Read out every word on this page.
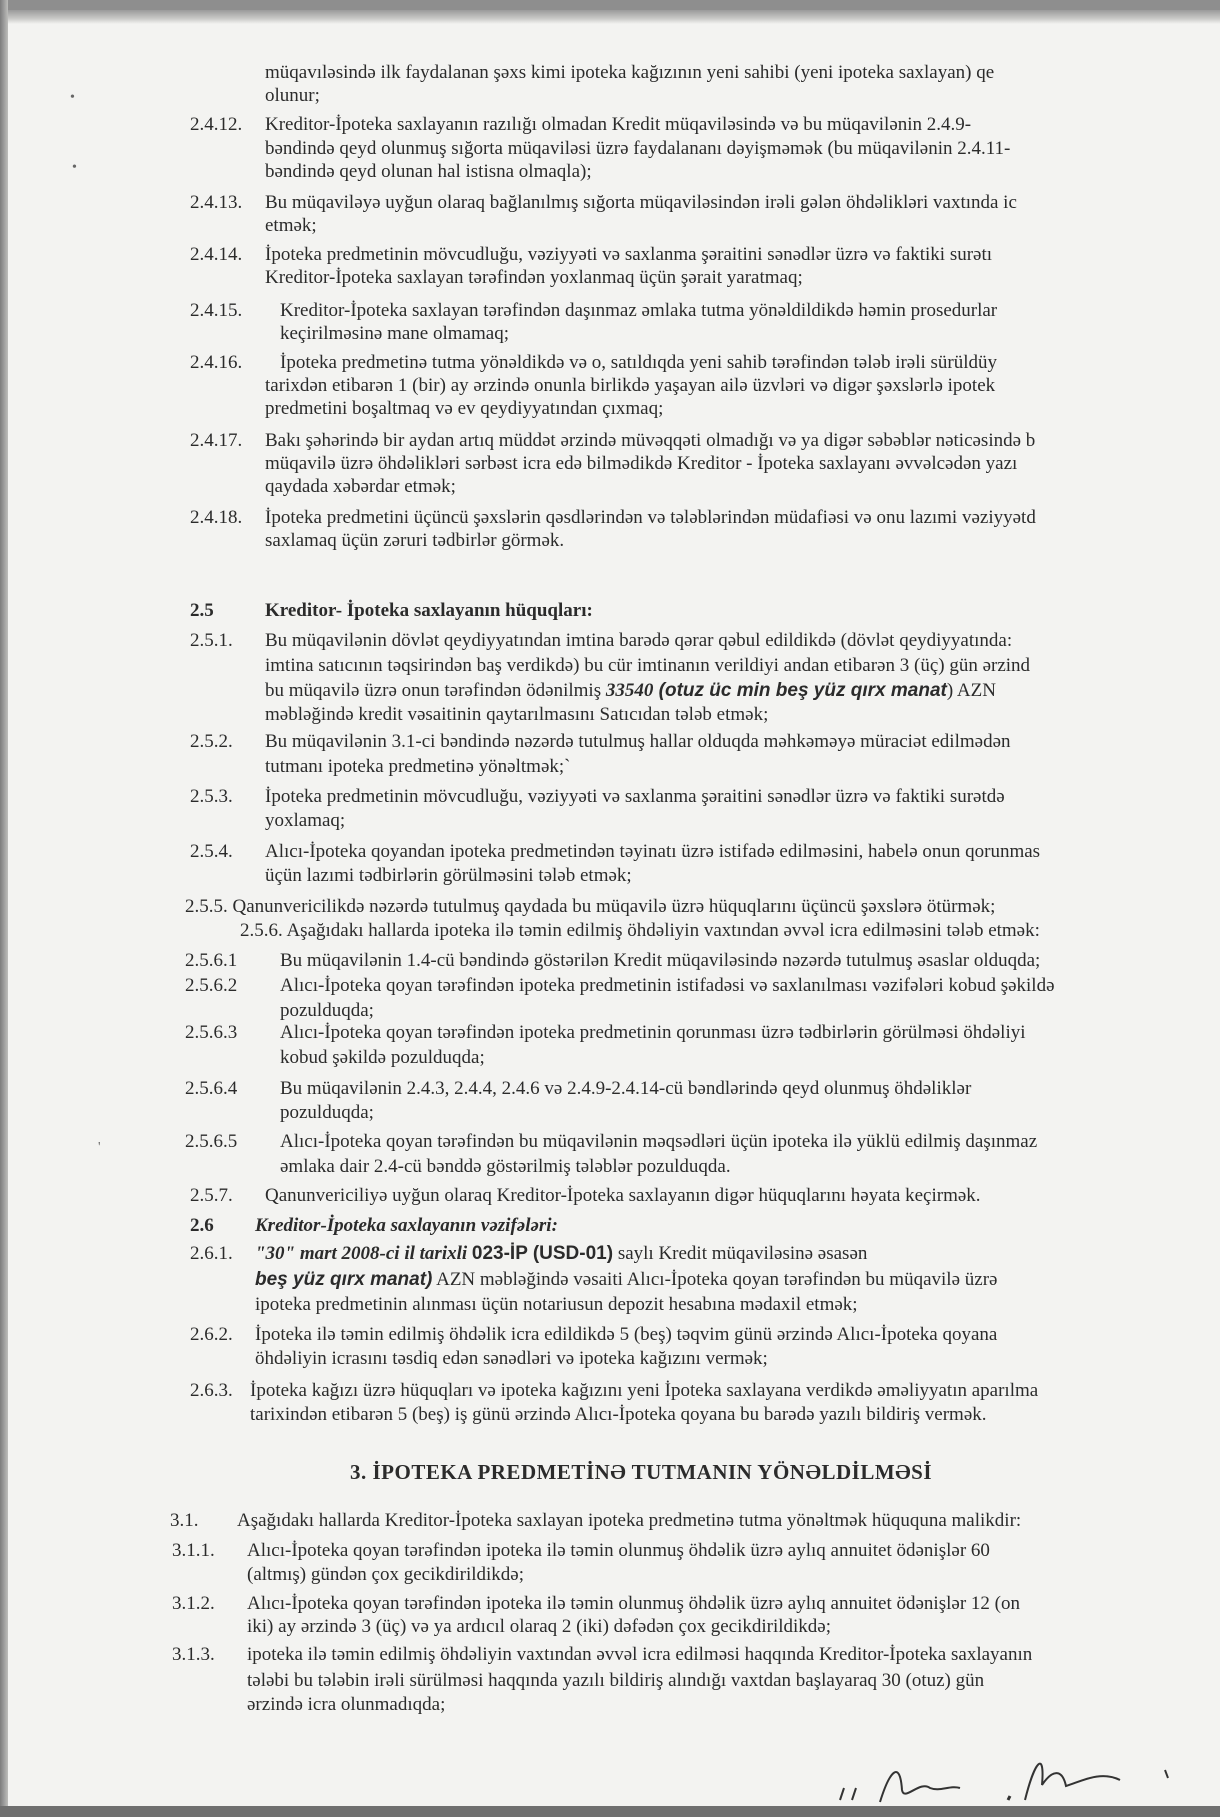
müqavıləsində ilk faydalanan şəxs kimi ipoteka kağızının yeni sahibi (yeni ipoteka saxlayan) qe
olunur;
2.4.12. Kreditor-İpoteka saxlayanın razılığı olmadan Kredit müqaviləsində və bu müqavilənin 2.4.9-
bəndində qeyd olunmuş sığorta müqaviləsi üzrə faydalananı dəyişməmək (bu müqavilənin 2.4.11-
bəndində qeyd olunan hal istisna olmaqla);
2.4.13. Bu müqaviləyə uyğun olaraq bağlanılmış sığorta müqaviləsindən irəli gələn öhdəlikləri vaxtında ic
etmək;
2.4.14. İpoteka predmetinin mövcudluğu, vəziyyəti və saxlanma şəraitini sənədlər üzrə və faktiki surətı
Kreditor-İpoteka saxlayan tərəfindən yoxlanmaq üçün şərait yaratmaq;
2.4.15. Kreditor-İpoteka saxlayan tərəfindən daşınmaz əmlaka tutma yönəldildikdə həmin prosedurlar
keçirilməsinə mane olmamaq;
2.4.16. İpoteka predmetinə tutma yönəldikdə və o, satıldıqda yeni sahib tərəfindən tələb irəli sürüldüy
tarixdən etibarən 1 (bir) ay ərzində onunla birlikdə yaşayan ailə üzvləri və digər şəxslərlə ipotek
predmetini boşaltmaq və ev qeydiyyatından çıxmaq;
2.4.17. Bakı şəhərində bir aydan artıq müddət ərzində müvəqqəti olmadığı və ya digər səbəblər nəticəsində b
müqavilə üzrə öhdəlikləri sərbəst icra edə bilmədikdə Kreditor - İpoteka saxlayanı əvvəlcədən yazı
qaydada xəbərdar etmək;
2.4.18. İpoteka predmetini üçüncü şəxslərin qəsdlərindən və tələblərindən müdafiəsi və onu lazımi vəziyyətd
saxlamaq üçün zəruri tədbirlər görmək.
2.5	Kreditor- İpoteka saxlayanın hüquqları:
2.5.1. Bu müqavilənin dövlət qeydiyyatından imtina barədə qərar qəbul edildikdə (dövlət qeydiyyatında:
imtina satıcının təqsirindən baş verdikdə) bu cür imtinanın verildiyi andan etibarən 3 (üç) gün ərzind
bu müqavilə üzrə onun tərəfindən ödənilmiş 33540 (otuz üc min beş yüz qırx manat) AZN
məbləğində kredit vəsaitinin qaytarılmasını Satıcıdan tələb etmək;
2.5.2. Bu müqavilənin 3.1-ci bəndində nəzərdə tutulmuş hallar olduqda məhkəməyə müraciət edilmədən
tutmanı ipoteka predmetinə yönəltmək;`
2.5.3. İpoteka predmetinin mövcudluğu, vəziyyəti və saxlanma şəraitini sənədlər üzrə və faktiki surətdə
yoxlamaq;
2.5.4. Alıcı-İpoteka qoyandan ipoteka predmetindən təyinatı üzrə istifadə edilməsini, habelə onun qorunmas
üçün lazımi tədbirlərin görülməsini tələb etmək;
2.5.5. Qanunvericilikdə nəzərdə tutulmuş qaydada bu müqavilə üzrə hüquqlarını üçüncü şəxslərə ötürmək;
2.5.6. Aşağıdakı hallarda ipoteka ilə təmin edilmiş öhdəliyin vaxtından əvvəl icra edilməsini tələb etmək:
2.5.6.1 Bu müqavilənin 1.4-cü bəndində göstərilən Kredit müqaviləsində nəzərdə tutulmuş əsaslar olduqda;
2.5.6.2 Alıcı-İpoteka qoyan tərəfindən ipoteka predmetinin istifadəsi və saxlanılması vəzifələri kobud şəkildə
pozulduqda;
2.5.6.3 Alıcı-İpoteka qoyan tərəfindən ipoteka predmetinin qorunması üzrə tədbirlərin görülməsi öhdəliyi
kobud şəkildə pozulduqda;
2.5.6.4 Bu müqavilənin 2.4.3, 2.4.4, 2.4.6 və 2.4.9-2.4.14-cü bəndlərində qeyd olunmuş öhdəliklər
pozulduqda;
2.5.6.5 Alıcı-İpoteka qoyan tərəfindən bu müqavilənin məqsədləri üçün ipoteka ilə yüklü edilmiş daşınmaz
əmlaka dair 2.4-cü bənddə göstərilmiş tələblər pozulduqda.
2.5.7. Qanunvericiliyə uyğun olaraq Kreditor-İpoteka saxlayanın digər hüquqlarını həyata keçirmək.
2.6 Kreditor-İpoteka saxlayanın vəzifələri:
2.6.1. "30" mart 2008-ci il tarixli 023-İP (USD-01) saylı Kredit müqaviləsinə əsasən
beş yüz qırx manat) AZN məbləğində vəsaiti Alıcı-İpoteka qoyan tərəfindən bu müqavilə üzrə
ipoteka predmetinin alınması üçün notariusun depozit hesabına mədaxil etmək;
2.6.2. İpoteka ilə təmin edilmiş öhdəlik icra edildikdə 5 (beş) təqvim günü ərzində Alıcı-İpoteka qoyana
öhdəliyin icrasını təsdiq edən sənədləri və ipoteka kağızını vermək;
2.6.3. İpoteka kağızı üzrə hüquqları və ipoteka kağızını yeni İpoteka saxlayana verdikdə əməliyyatın aparılma
tarixindən etibarən 5 (beş) iş günü ərzində Alıcı-İpoteka qoyana bu barədə yazılı bildiriş vermək.
3.1. Aşağıdakı hallarda Kreditor-İpoteka saxlayan ipoteka predmetinə tutma yönəltmək hüququna malikdir:
3.1.1. Alıcı-İpoteka qoyan tərəfindən ipoteka ilə təmin olunmuş öhdəlik üzrə aylıq annuitet ödənişlər 60
(altmış) gündən çox gecikdirildikdə;
3.1.2. Alıcı-İpoteka qoyan tərəfindən ipoteka ilə təmin olunmuş öhdəlik üzrə aylıq annuitet ödənişlər 12 (on
iki) ay ərzində 3 (üç) və ya ardıcıl olaraq 2 (iki) dəfədən çox gecikdirildikdə;
3.1.3. ipoteka ilə təmin edilmiş öhdəliyin vaxtından əvvəl icra edilməsi haqqında Kreditor-İpoteka saxlayanın
tələbi bu tələbin irəli sürülməsi haqqında yazılı bildiriş alındığı vaxtdan başlayaraq 30 (otuz) gün
ərzində icra olunmadıqda;
3. İPOTEKA PREDMETİNƏ TUTMANIN YÖNƏLDİLMƏSİ
•
•
'
